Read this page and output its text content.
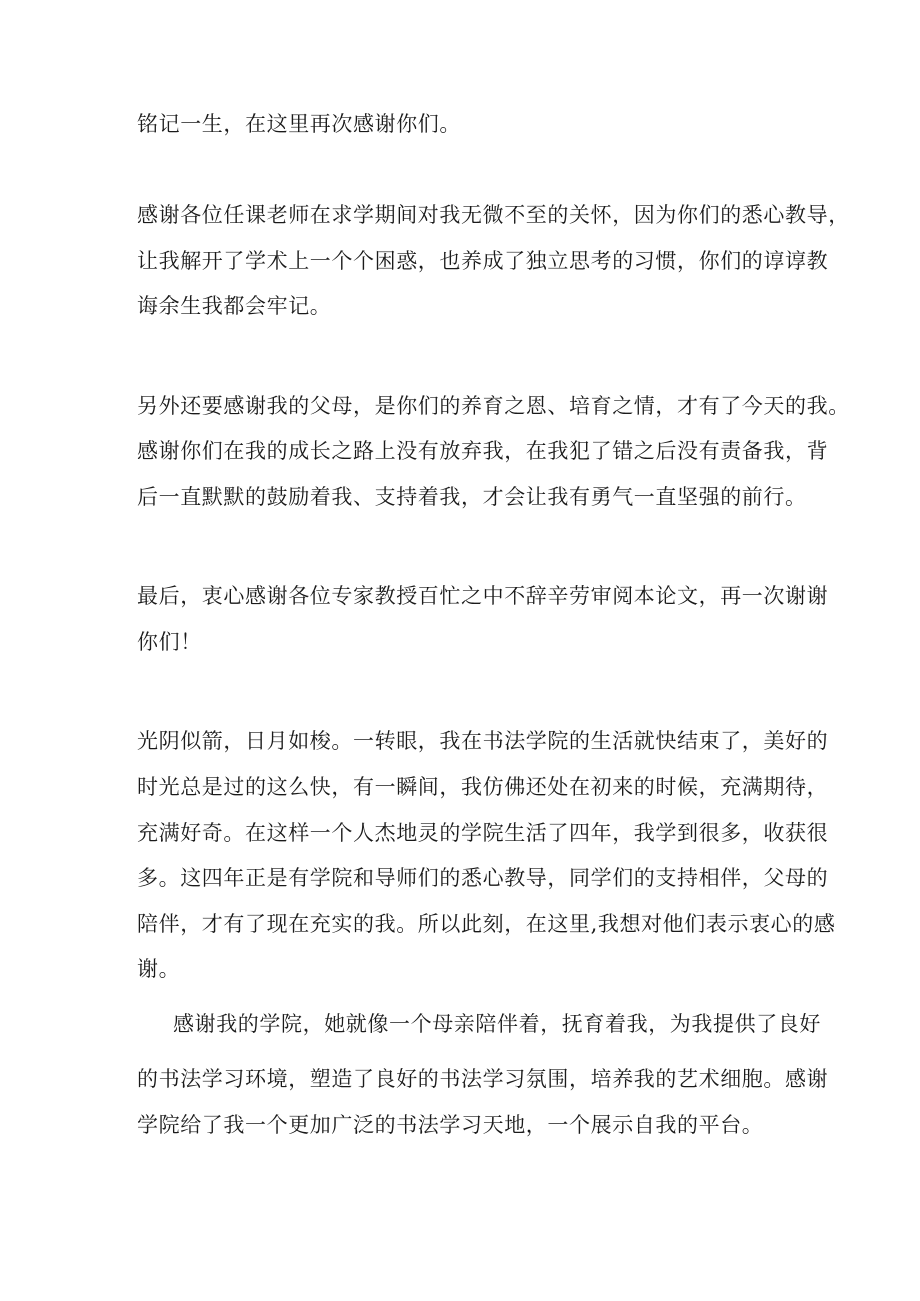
铭记一生，在这里再次感谢你们。
感谢各位任课老师在求学期间对我无微不至的关怀，因为你们的悉心教导，
让我解开了学术上一个个困惑，也养成了独立思考的习惯，你们的谆谆教
诲余生我都会牢记。
另外还要感谢我的父母，是你们的养育之恩、培育之情，才有了今天的我。
感谢你们在我的成长之路上没有放弃我，在我犯了错之后没有责备我，背
后一直默默的鼓励着我、支持着我，才会让我有勇气一直坚强的前行。
最后，衷心感谢各位专家教授百忙之中不辞辛劳审阅本论文，再一次谢谢
你们！
光阴似箭，日月如梭。一转眼，我在书法学院的生活就快结束了，美好的
时光总是过的这么快，有一瞬间，我仿佛还处在初来的时候，充满期待，
充满好奇。在这样一个人杰地灵的学院生活了四年，我学到很多，收获很
多。这四年正是有学院和导师们的悉心教导，同学们的支持相伴，父母的
陪伴，才有了现在充实的我。所以此刻，在这里,我想对他们表示衷心的感
谢。
感谢我的学院，她就像一个母亲陪伴着，抚育着我，为我提供了良好
的书法学习环境，塑造了良好的书法学习氛围，培养我的艺术细胞。感谢
学院给了我一个更加广泛的书法学习天地，一个展示自我的平台。
